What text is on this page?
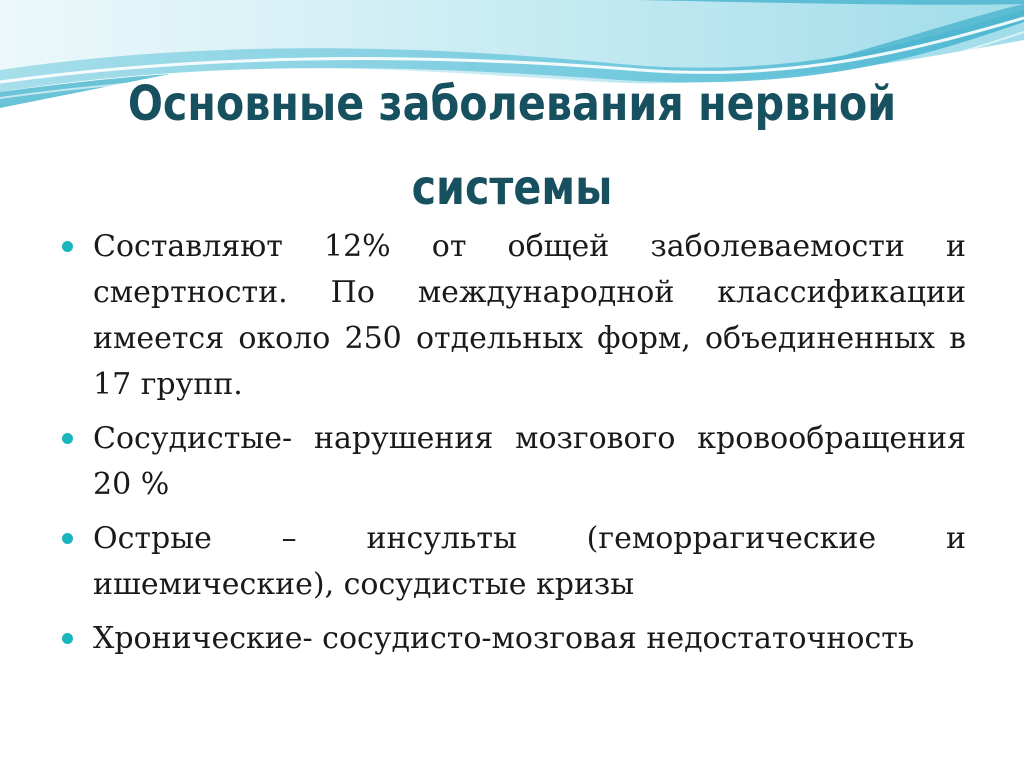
Основные заболевания нервной системы
Составляют 12% от общей заболеваемости и смертности. По международной классификации имеется около 250 отдельных форм, объединенных в 17 групп.
Сосудистые- нарушения мозгового кровообращения 20 %
Острые – инсульты (геморрагические и ишемические), сосудистые кризы
Хронические- сосудисто-мозговая недостаточность
